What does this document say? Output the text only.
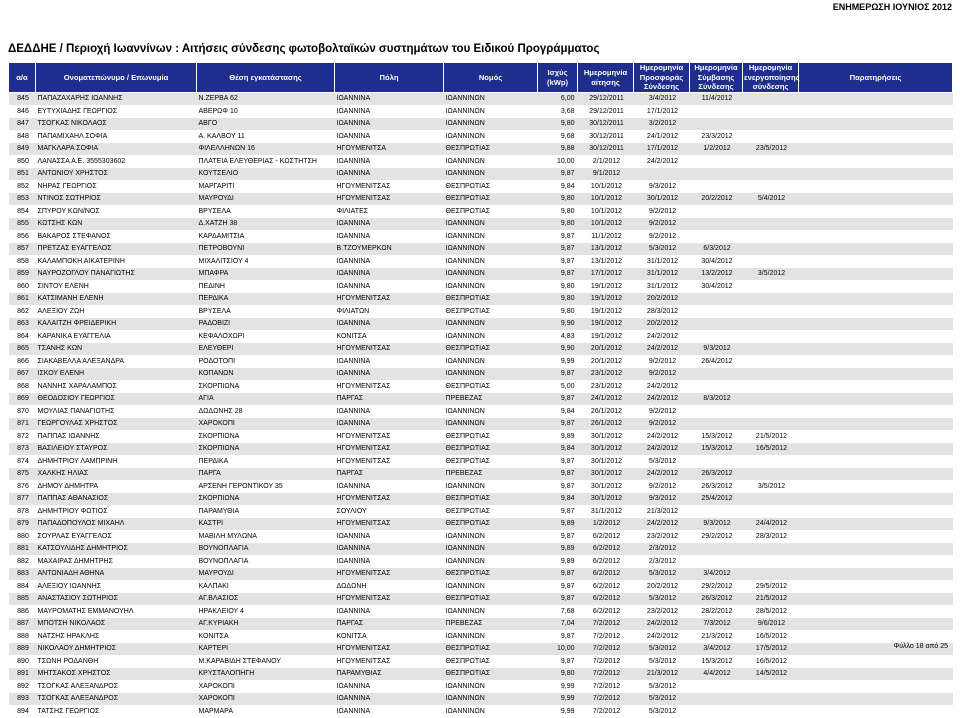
ΕΝΗΜΕΡΩΣΗ ΙΟΥΝΙΟΣ 2012
ΔΕΔΔΗΕ / Περιοχή Ιωαννίνων : Αιτήσεις σύνδεσης φωτοβολταϊκών συστημάτων του Ειδικού Προγράμματος
α/α	Ονοματεπώνυμο / Επωνυμία	Θέση εγκατάστασης	Πόλη	Νομός	Ισχύς (kWp)	Ημερομηνία αίτησης	Ημερομηνία Προσφοράς Σύνδεσης	Ημερομηνία Σύμβασης Σύνδεσης	Ημερομηνία ενεργοποίησης σύνδεσης	Παρατηρήσεις
845	ΠΑΠΑΖΑΧΑΡΗΣ ΙΩΑΝΝΗΣ	Ν.ΖΕΡΒΑ 62	ΙΩΑΝΝΙΝΑ	ΙΩΑΝΝΙΝΩΝ	6,00	29/12/2011	3/4/2012	11/4/2012		
846	ΕΥΤΥΧΙΑΔΗΣ ΓΕΩΡΓΙΟΣ	ΑΒΕΡΩΦ 10	ΙΩΑΝΝΙΝΑ	ΙΩΑΝΝΙΝΩΝ	3,68	29/12/2011	17/1/2012			
847	ΤΣΟΓΚΑΣ ΝΙΚΟΛΑΟΣ	ΑΒΓΟ	ΙΩΑΝΝΙΝΑ	ΙΩΑΝΝΙΝΩΝ	9,80	30/12/2011	3/2/2012			
848	ΠΑΠΑΜΙΧΑΗΛ ΣΟΦΙΑ	Α. ΚΑΛΒΟΥ 11	ΙΩΑΝΝΙΝΑ	ΙΩΑΝΝΙΝΩΝ	9,68	30/12/2011	24/1/2012	23/3/2012		
849	ΜΑΓΚΛΑΡΑ ΣΟΦΙΑ	ΦΙΛΕΛΛΗΝΩΝ 16	ΗΓΟΥΜΕΝΙΤΣΑ	ΘΕΣΠΡΩΤΙΑΣ	9,88	30/12/2011	17/1/2012	1/2/2012	23/5/2012	
850	ΛΑΝΑΣΣΑ Α.Ε. 3555303602	ΠΛΑΤΕΙΑ ΕΛΕΥΘΕΡΙΑΣ - ΚΩΣΤΗΤΣΗ	ΙΩΑΝΝΙΝΑ	ΙΩΑΝΝΙΝΩΝ	10,00	2/1/2012	24/2/2012			
851	ΑΝΤΩΝΙΟΥ ΧΡΗΣΤΟΣ	ΚΟΥΤΣΕΛΙΟ	ΙΩΑΝΝΙΝΑ	ΙΩΑΝΝΙΝΩΝ	9,87	9/1/2012				
852	ΝΗΡΑΣ ΓΕΩΡΓΙΟΣ	ΜΑΡΓΑΡΙΤΙ	ΗΓΟΥΜΕΝΙΤΣΑΣ	ΘΕΣΠΡΩΤΙΑΣ	9,84	10/1/2012	9/3/2012			
853	ΝΤΙΝΟΣ ΣΩΤΗΡΙΟΣ	ΜΑΥΡΟΥΔΙ	ΗΓΟΥΜΕΝΙΤΣΑΣ	ΘΕΣΠΡΩΤΙΑΣ	9,80	10/1/2012	30/1/2012	20/2/2012	5/4/2012	
854	ΣΠΥΡΟΥ ΚΩΝ/ΝΟΣ	ΒΡΥΣΕΛΑ	ΦΙΛΙΑΤΕΣ	ΘΕΣΠΡΩΤΙΑΣ	9,80	10/1/2012	9/2/2012			
855	ΚΩΤΣΗΣ ΚΩΝ	Δ.ΧΑΤΖΗ 38	ΙΩΑΝΝΙΝΑ	ΙΩΑΝΝΙΝΩΝ	9,80	10/1/2012	9/2/2012			
856	ΒΑΚΑΡΟΣ ΣΤΕΦΑΝΟΣ	ΚΑΡΔΑΜΙΤΣΙΑ	ΙΩΑΝΝΙΝΑ	ΙΩΑΝΝΙΝΩΝ	9,87	11/1/2012	9/2/2012			
857	ΠΡΕΤΖΑΣ ΕΥΑΓΓΕΛΟΣ	ΠΕΤΡΟΒΟΥΝΙ	Β.ΤΖΟΥΜΕΡΚΩΝ	ΙΩΑΝΝΙΝΩΝ	9,87	13/1/2012	5/3/2012	6/3/2012		
858	ΚΑΛΑΜΠΟΚΗ ΑΙΚΑΤΕΡΙΝΗ	ΜΙΧΑΛΙΤΣΙΟΥ 4	ΙΩΑΝΝΙΝΑ	ΙΩΑΝΝΙΝΩΝ	9,87	13/1/2012	31/1/2012	30/4/2012		
859	ΝΑΥΡΟΖΟΓΛΟΥ ΠΑΝΑΓΙΩΤΗΣ	ΜΠΑΦΡΑ	ΙΩΑΝΝΙΝΑ	ΙΩΑΝΝΙΝΩΝ	9,87	17/1/2012	31/1/2012	13/2/2012	3/5/2012	
860	ΣΙΝΤΟΥ ΕΛΕΝΗ	ΠΕΔΙΝΗ	ΙΩΑΝΝΙΝΑ	ΙΩΑΝΝΙΝΩΝ	9,80	19/1/2012	31/1/2012	30/4/2012		
861	ΚΑΤΣΙΜΑΝΗ ΕΛΕΝΗ	ΠΕΡΔΙΚΑ	ΗΓΟΥΜΕΝΙΤΣΑΣ	ΘΕΣΠΡΩΤΙΑΣ	9,80	19/1/2012	20/2/2012			
862	ΑΛΕΞΙΟΥ ΖΩΗ	ΒΡΥΣΕΛΑ	ΦΙΛΙΑΤΩΝ	ΘΕΣΠΡΩΤΙΑΣ	9,80	19/1/2012	28/3/2012			
863	ΚΑΛΑΙΤΖΗ ΦΡΕΙΔΕΡΙΚΗ	ΡΑΔΟΒΙΖΙ	ΙΩΑΝΝΙΝΑ	ΙΩΑΝΝΙΝΩΝ	9,90	19/1/2012	20/2/2012			
864	ΚΑΡΑΝΙΚΑ ΕΥΑΓΓΕΛΙΑ	ΚΕΦΑΛΟΧΩΡΙ	ΚΟΝΙΤΣΑ	ΙΩΑΝΝΙΝΩΝ	4,83	19/1/2012	24/2/2012			
865	ΤΣΑΝΗΣ ΚΩΝ	ΕΛΕΥΘΕΡΙ	ΗΓΟΥΜΕΝΙΤΣΑΣ	ΘΕΣΠΡΩΤΙΑΣ	9,90	20/1/2012	24/2/2012	9/3/2012		
866	ΣΙΑΚΑΒΕΛΛΑ ΑΛΕΞΑΝΔΡΑ	ΡΟΔΟΤΟΠΙ	ΙΩΑΝΝΙΝΑ	ΙΩΑΝΝΙΝΩΝ	9,99	20/1/2012	9/2/2012	26/4/2012		
867	ΙΣΚΟΥ ΕΛΕΝΗ	ΚΟΠΑΝΩΝ	ΙΩΑΝΝΙΝΑ	ΙΩΑΝΝΙΝΩΝ	9,87	23/1/2012	9/2/2012			
868	ΝΑΝΝΗΣ ΧΑΡΑΛΑΜΠΟΣ	ΣΚΟΡΠΙΩΝΑ	ΗΓΟΥΜΕΝΙΤΣΑΣ	ΘΕΣΠΡΩΤΙΑΣ	5,00	23/1/2012	24/2/2012			
869	ΘΕΟΔΟΣΙΟΥ ΓΕΩΡΓΙΟΣ	ΑΓΙΑ	ΠΑΡΓΑΣ	ΠΡΕΒΕΖΑΣ	9,87	24/1/2012	24/2/2012	8/3/2012		
870	ΜΟΥΛΙΑΣ ΠΑΝΑΓΙΩΤΗΣ	ΔΩΔΩΝΗΣ 28	ΙΩΑΝΝΙΝΑ	ΙΩΑΝΝΙΝΩΝ	9,84	26/1/2012	9/2/2012			
871	ΓΕΩΡΓΟΥΛΑΣ ΧΡΗΣΤΟΣ	ΧΑΡΟΚΟΠΙ	ΙΩΑΝΝΙΝΑ	ΙΩΑΝΝΙΝΩΝ	9,87	26/1/2012	9/2/2012			
872	ΠΑΠΠΑΣ ΙΩΑΝΝΗΣ	ΣΚΟΡΠΙΩΝΑ	ΗΓΟΥΜΕΝΙΤΣΑΣ	ΘΕΣΠΡΩΤΙΑΣ	9,89	30/1/2012	24/2/2012	15/3/2012	21/5/2012	
873	ΒΑΣΙΛΕΙΟΥ ΣΤΑΥΡΟΣ	ΣΚΟΡΠΙΩΝΑ	ΗΓΟΥΜΕΝΙΤΣΑΣ	ΘΕΣΠΡΩΤΙΑΣ	9,84	30/1/2012	24/2/2012	15/3/2012	16/5/2012	
874	ΔΗΜΗΤΡΙΟΥ ΛΑΜΠΡΙΝΗ	ΠΕΡΔΙΚΑ	ΗΓΟΥΜΕΝΙΤΣΑΣ	ΘΕΣΠΡΩΤΙΑΣ	9,87	30/1/2012	5/3/2012			
875	ΧΑΛΚΗΣ ΗΛΙΑΣ	ΠΑΡΓΑ	ΠΑΡΓΑΣ	ΠΡΕΒΕΖΑΣ	9,87	30/1/2012	24/2/2012	26/3/2012		
876	ΔΗΜΟΥ ΔΗΜΗΤΡΑ	ΑΡΣΕΝΗ ΓΕΡΟΝΤΙΚΟΥ 35	ΙΩΑΝΝΙΝΑ	ΙΩΑΝΝΙΝΩΝ	9,87	30/1/2012	9/2/2012	26/3/2012	3/5/2012	
877	ΠΑΠΠΑΣ ΑΘΑΝΑΣΙΟΣ	ΣΚΟΡΠΙΩΝΑ	ΗΓΟΥΜΕΝΙΤΣΑΣ	ΘΕΣΠΡΩΤΙΑΣ	9,84	30/1/2012	9/3/2012	25/4/2012		
878	ΔΗΜΗΤΡΙΟΥ ΦΩΤΙΟΣ	ΠΑΡΑΜΥΘΙΑ	ΣΟΥΛΙΟΥ	ΘΕΣΠΡΩΤΙΑΣ	9,87	31/1/2012	21/3/2012			
879	ΠΑΠΑΔΟΠΟΥΛΟΣ ΜΙΧΑΗΛ	ΚΑΣΤΡΙ	ΗΓΟΥΜΕΝΙΤΣΑΣ	ΘΕΣΠΡΩΤΙΑΣ	9,89	1/2/2012	24/2/2012	9/3/2012	24/4/2012	
880	ΣΟΥΡΛΑΣ ΕΥΑΓΓΕΛΟΣ	ΜΑΒΙΛΗ ΜΥΛΩΝΑ	ΙΩΑΝΝΙΝΑ	ΙΩΑΝΝΙΝΩΝ	9,87	6/2/2012	23/2/2012	29/2/2012	28/3/2012	
881	ΚΑΤΣΟΥΛΙΔΗΣ ΔΗΜΗΤΡΙΟΣ	ΒΟΥΝΟΠΛΑΓΙΑ	ΙΩΑΝΝΙΝΑ	ΙΩΑΝΝΙΝΩΝ	9,89	6/2/2012	2/3/2012			
882	ΜΑΧΑΙΡΑΣ ΔΗΜΗΤΡΗΣ	ΒΟΥΝΟΠΛΑΓΙΑ	ΙΩΑΝΝΙΝΑ	ΙΩΑΝΝΙΝΩΝ	9,89	6/2/2012	2/3/2012			
883	ΑΝΤΩΝΙΑΔΗ ΑΘΗΝΑ	ΜΑΥΡΟΥΔΙ	ΗΓΟΥΜΕΝΙΤΣΑΣ	ΘΕΣΠΡΩΤΙΑΣ	9,87	6/2/2012	5/3/2012	3/4/2012		
884	ΑΛΕΞΙΟΥ ΙΩΑΝΝΗΣ	ΚΑΛΠΑΚΙ	ΔΩΔΩΝΗ	ΙΩΑΝΝΙΝΩΝ	9,87	6/2/2012	20/2/2012	29/2/2012	29/5/2012	
885	ΑΝΑΣΤΑΣΙΟΥ ΣΩΤΗΡΙΟΣ	ΑΓ.ΒΛΑΣΙΟΣ	ΗΓΟΥΜΕΝΙΤΣΑΣ	ΘΕΣΠΡΩΤΙΑΣ	9,87	6/2/2012	5/3/2012	26/3/2012	21/5/2012	
886	ΜΑΥΡΟΜΑΤΗΣ ΕΜΜΑΝΟΥΗΛ	ΗΡΑΚΛΕΙΟΥ 4	ΙΩΑΝΝΙΝΑ	ΙΩΑΝΝΙΝΩΝ	7,68	6/2/2012	23/2/2012	28/2/2012	28/5/2012	
887	ΜΠΟΤΣΗ ΝΙΚΟΛΑΟΣ	ΑΓ.ΚΥΡΙΑΚΗ	ΠΑΡΓΑΣ	ΠΡΕΒΕΖΑΣ	7,04	7/2/2012	24/2/2012	7/3/2012	9/6/2012	
888	ΝΑΤΣΗΣ ΗΡΑΚΛΗΣ	ΚΟΝΙΤΣΑ	ΚΟΝΙΤΣΑ	ΙΩΑΝΝΙΝΩΝ	9,87	7/2/2012	24/2/2012	21/3/2012	16/5/2012	
889	ΝΙΚΟΛΑΟΥ ΔΗΜΗΤΡΙΟΣ	ΚΑΡΤΕΡΙ	ΗΓΟΥΜΕΝΙΤΣΑΣ	ΘΕΣΠΡΩΤΙΑΣ	10,00	7/2/2012	5/3/2012	3/4/2012	17/5/2012	
890	ΤΣΩΝΗ ΡΟΔΑΝΘΗ	Μ.ΚΑΡΑΒΙΔΗ ΣΤΕΦΑΝΟΥ	ΗΓΟΥΜΕΝΙΤΣΑΣ	ΘΕΣΠΡΩΤΙΑΣ	9,87	7/2/2012	5/3/2012	15/3/2012	16/5/2012	
891	ΜΗΤΣΑΚΟΣ ΧΡΗΣΤΟΣ	ΚΡΥΣΤΑΛΟΠΗΓΗ	ΠΑΡΑΜΥΘΙΑΣ	ΘΕΣΠΡΩΤΙΑΣ	9,80	7/2/2012	21/3/2012	4/4/2012	14/5/2012	
892	ΤΣΟΓΚΑΣ ΑΛΕΞΑΝΔΡΟΣ	ΧΑΡΟΚΟΠΙ	ΙΩΑΝΝΙΝΑ	ΙΩΑΝΝΙΝΩΝ	9,99	7/2/2012	5/3/2012			
893	ΤΣΟΓΚΑΣ ΑΛΕΞΑΝΔΡΟΣ	ΧΑΡΟΚΟΠΙ	ΙΩΑΝΝΙΝΑ	ΙΩΑΝΝΙΝΩΝ	9,99	7/2/2012	5/3/2012			
894	ΤΑΤΣΗΣ ΓΕΩΡΓΙΟΣ	ΜΑΡΜΑΡΑ	ΙΩΑΝΝΙΝΑ	ΙΩΑΝΝΙΝΩΝ	9,99	7/2/2012	5/3/2012			
Φύλλο 18 από 25
